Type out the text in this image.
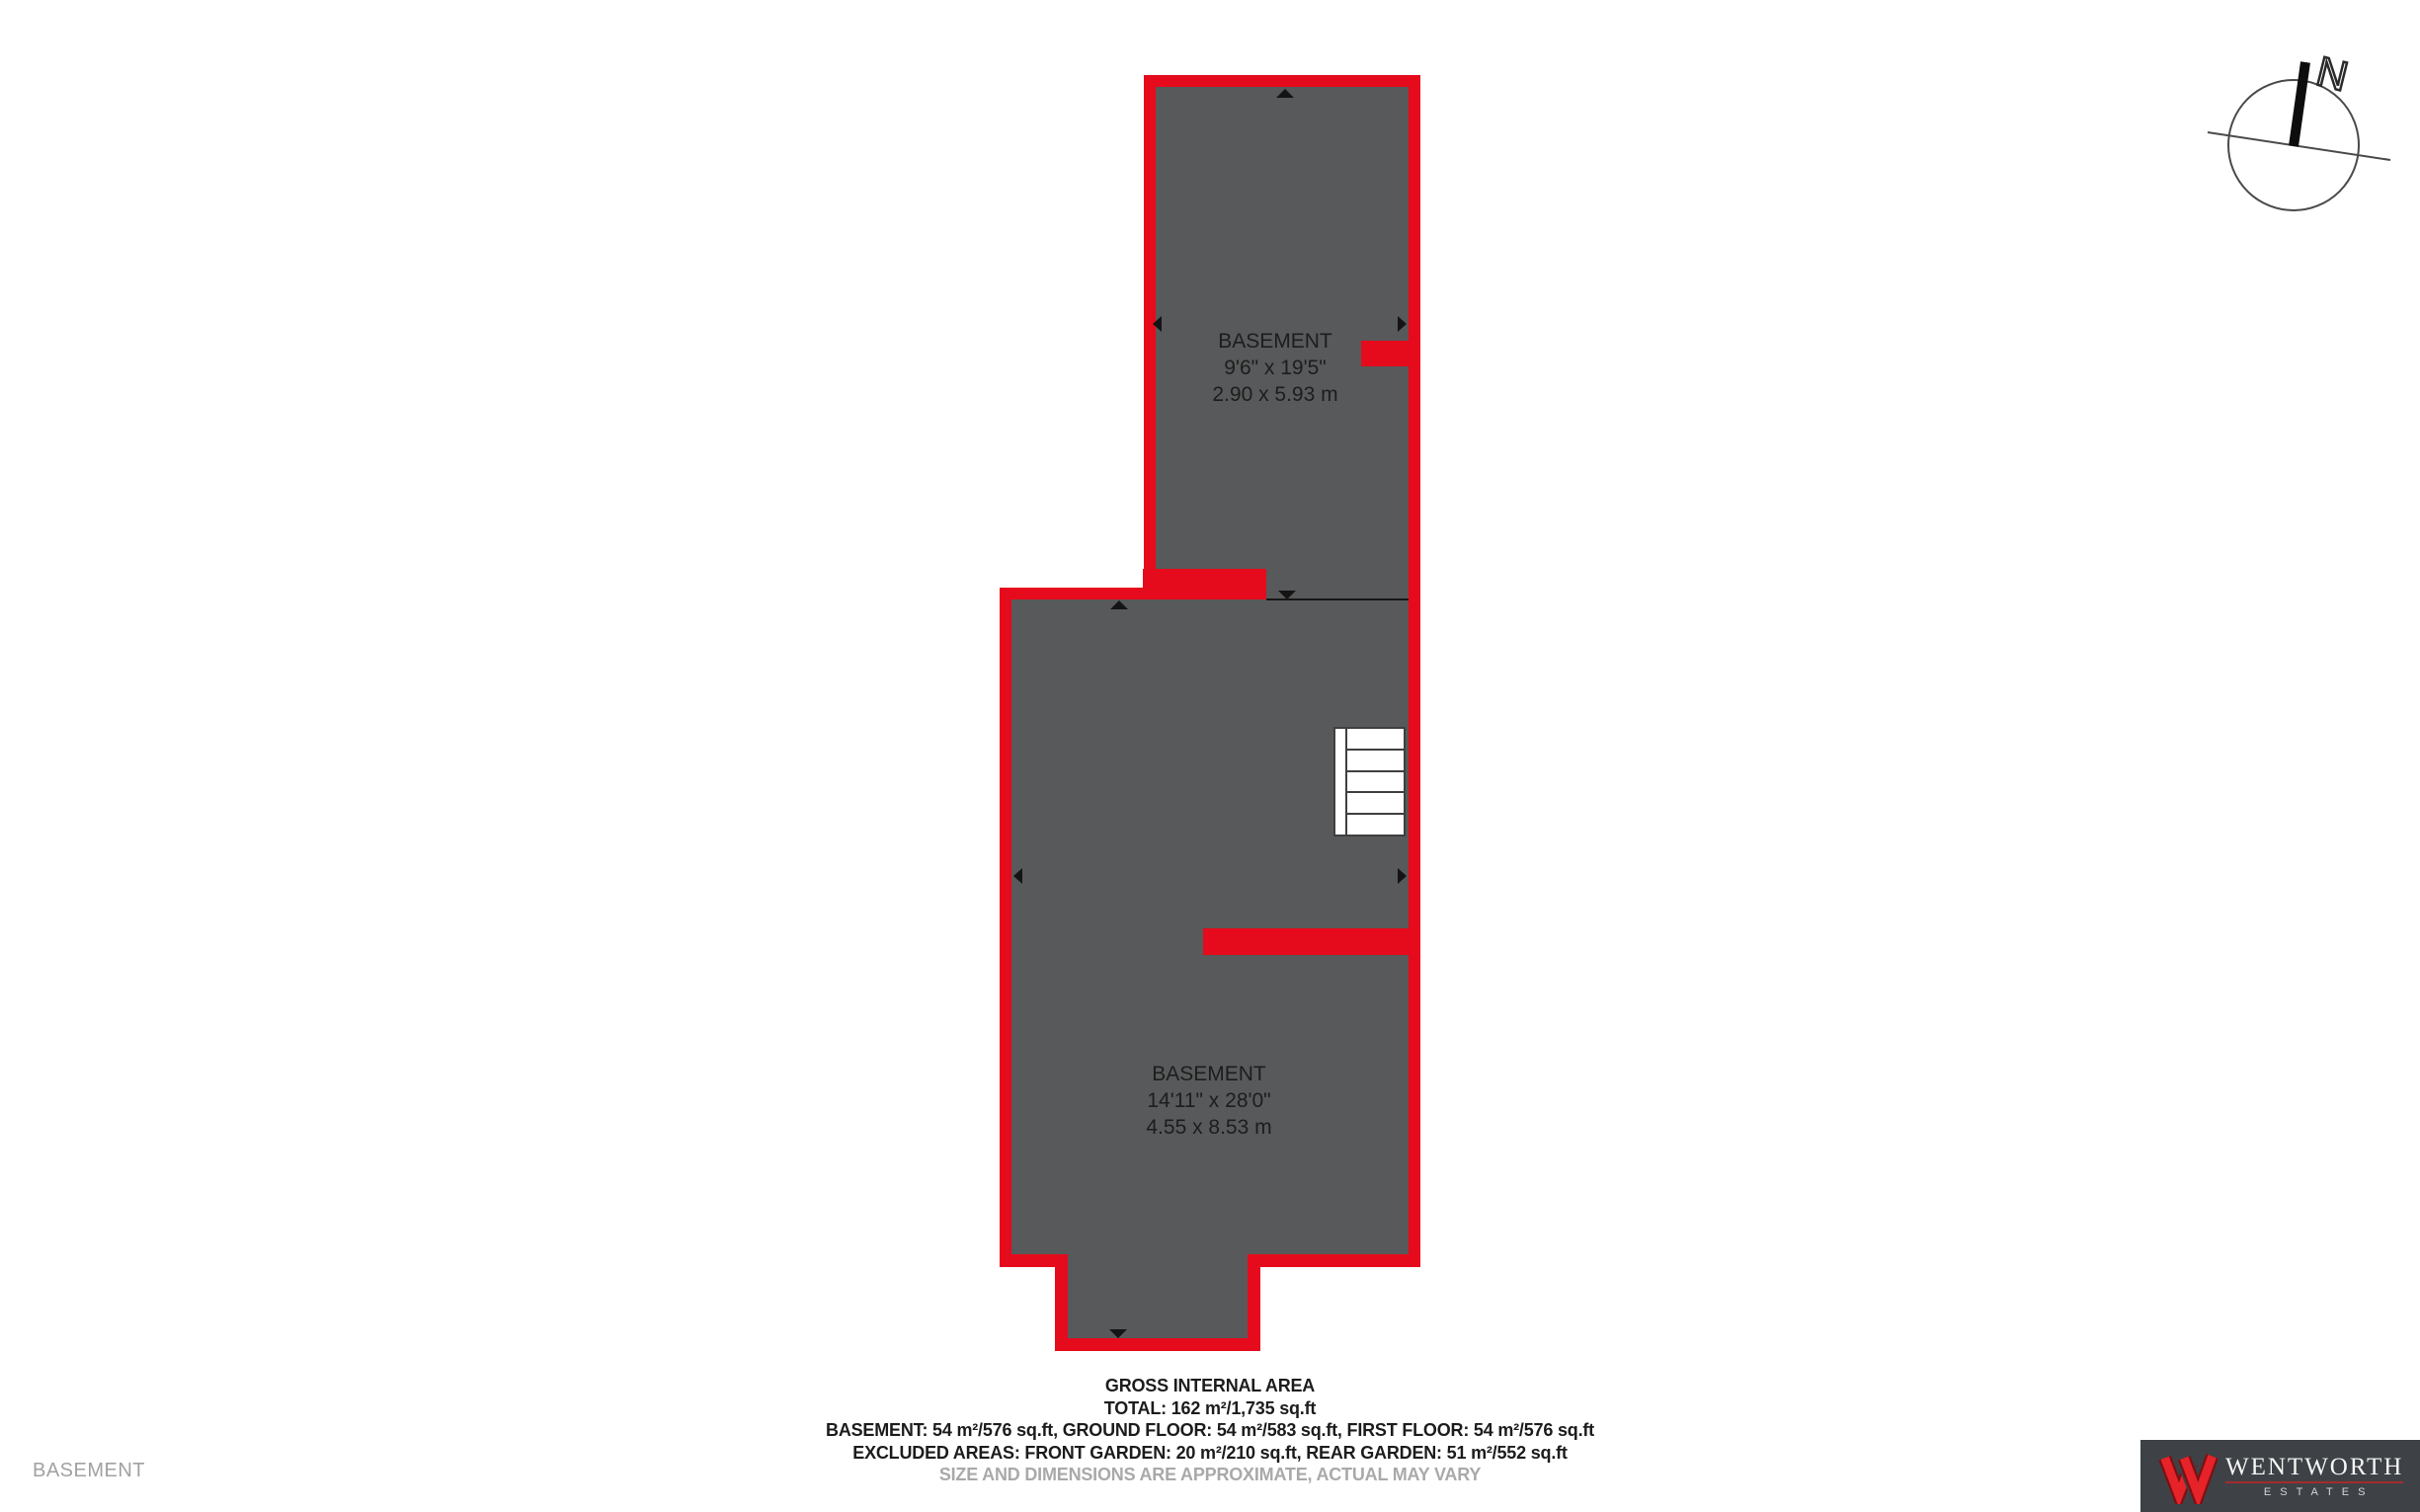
N
BASEMENT
9'6" x 19'5"
2.90 x 5.93 m
BASEMENT
14'11" x 28'0"
4.55 x 8.53 m
GROSS INTERNAL AREA
TOTAL: 162 m²/1,735 sq.ft
BASEMENT: 54 m²/576 sq.ft, GROUND FLOOR: 54 m²/583 sq.ft, FIRST FLOOR: 54 m²/576 sq.ft
EXCLUDED AREAS: FRONT GARDEN: 20 m²/210 sq.ft, REAR GARDEN: 51 m²/552 sq.ft
SIZE AND DIMENSIONS ARE APPROXIMATE, ACTUAL MAY VARY
BASEMENT	WENTWORTH
ESTATES
